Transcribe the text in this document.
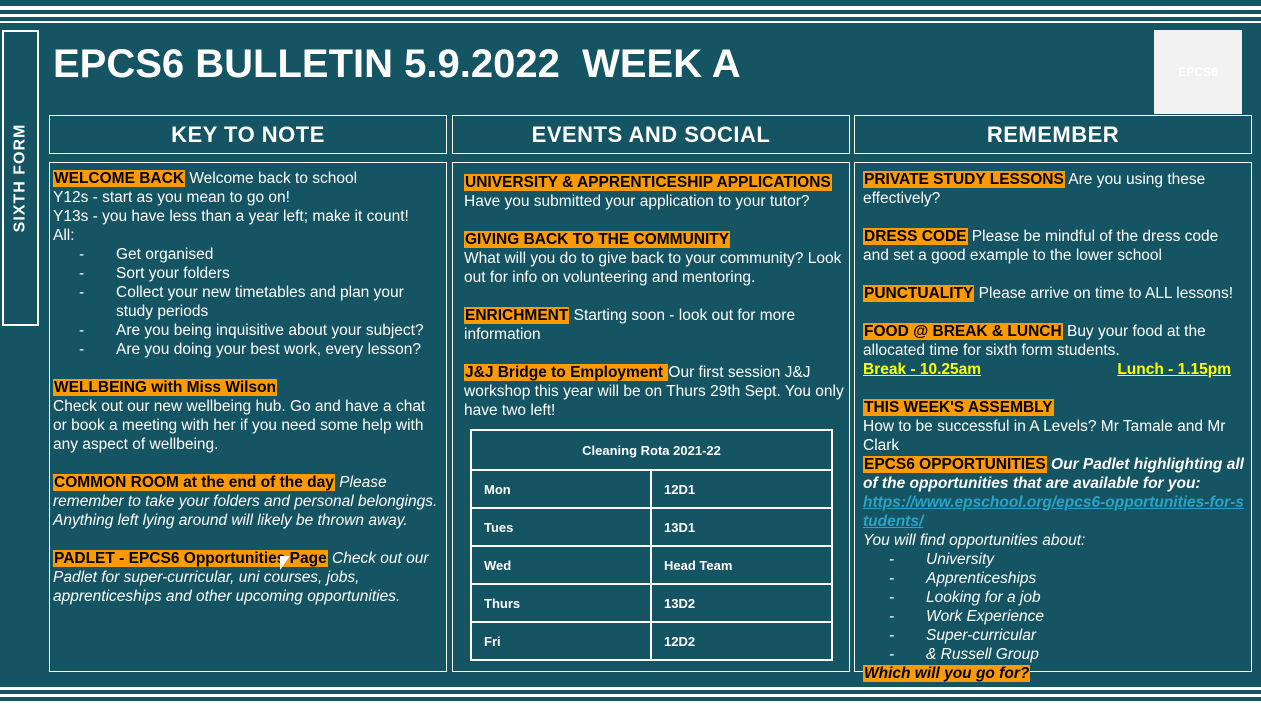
SIXTH FORM
EPCS6 BULLETIN 5.9.2022  WEEK A	EPCS6
KEY TO NOTE	EVENTS AND SOCIAL	REMEMBER
WELCOME BACK Welcome back to school
Y12s - start as you mean to go on!
Y13s - you have less than a year left; make it count!
All:
- Get organised
- Sort your folders
- Collect your new timetables and plan your study periods
- Are you being inquisitive about your subject?
- Are you doing your best work, every lesson?
WELLBEING with Miss Wilson
Check out our new wellbeing hub. Go and have a chat or book a meeting with her if you need some help with any aspect of wellbeing.
COMMON ROOM at the end of the day Please remember to take your folders and personal belongings. Anything left lying around will likely be thrown away.
PADLET - EPCS6 Opportunities Page Check out our Padlet for super-curricular, uni courses, jobs, apprenticeships and other upcoming opportunities.
UNIVERSITY & APPRENTICESHIP APPLICATIONS
Have you submitted your application to your tutor?
GIVING BACK TO THE COMMUNITY
What will you do to give back to your community? Look out for info on volunteering and mentoring.
ENRICHMENT Starting soon - look out for more information
J&J Bridge to Employment Our first session J&J workshop this year will be on Thurs 29th Sept. You only have two left!
Cleaning Rota 2021-22	
Mon	12D1
Tues	13D1
Wed	Head Team
Thurs	13D2
Fri	12D2
PRIVATE STUDY LESSONS Are you using these effectively?
DRESS CODE Please be mindful of the dress code and set a good example to the lower school
PUNCTUALITY Please arrive on time to ALL lessons!
FOOD @ BREAK & LUNCH Buy your food at the allocated time for sixth form students.
Break - 10.25am	Lunch - 1.15pm
THIS WEEK'S ASSEMBLY
How to be successful in A Levels? Mr Tamale and Mr Clark
EPCS6 OPPORTUNITIES Our Padlet highlighting all of the opportunities that are available for you:
https://www.epschool.org/epcs6-opportunities-for-students/
You will find opportunities about:
- University
- Apprenticeships
- Looking for a job
- Work Experience
- Super-curricular
- & Russell Group
Which will you go for?
